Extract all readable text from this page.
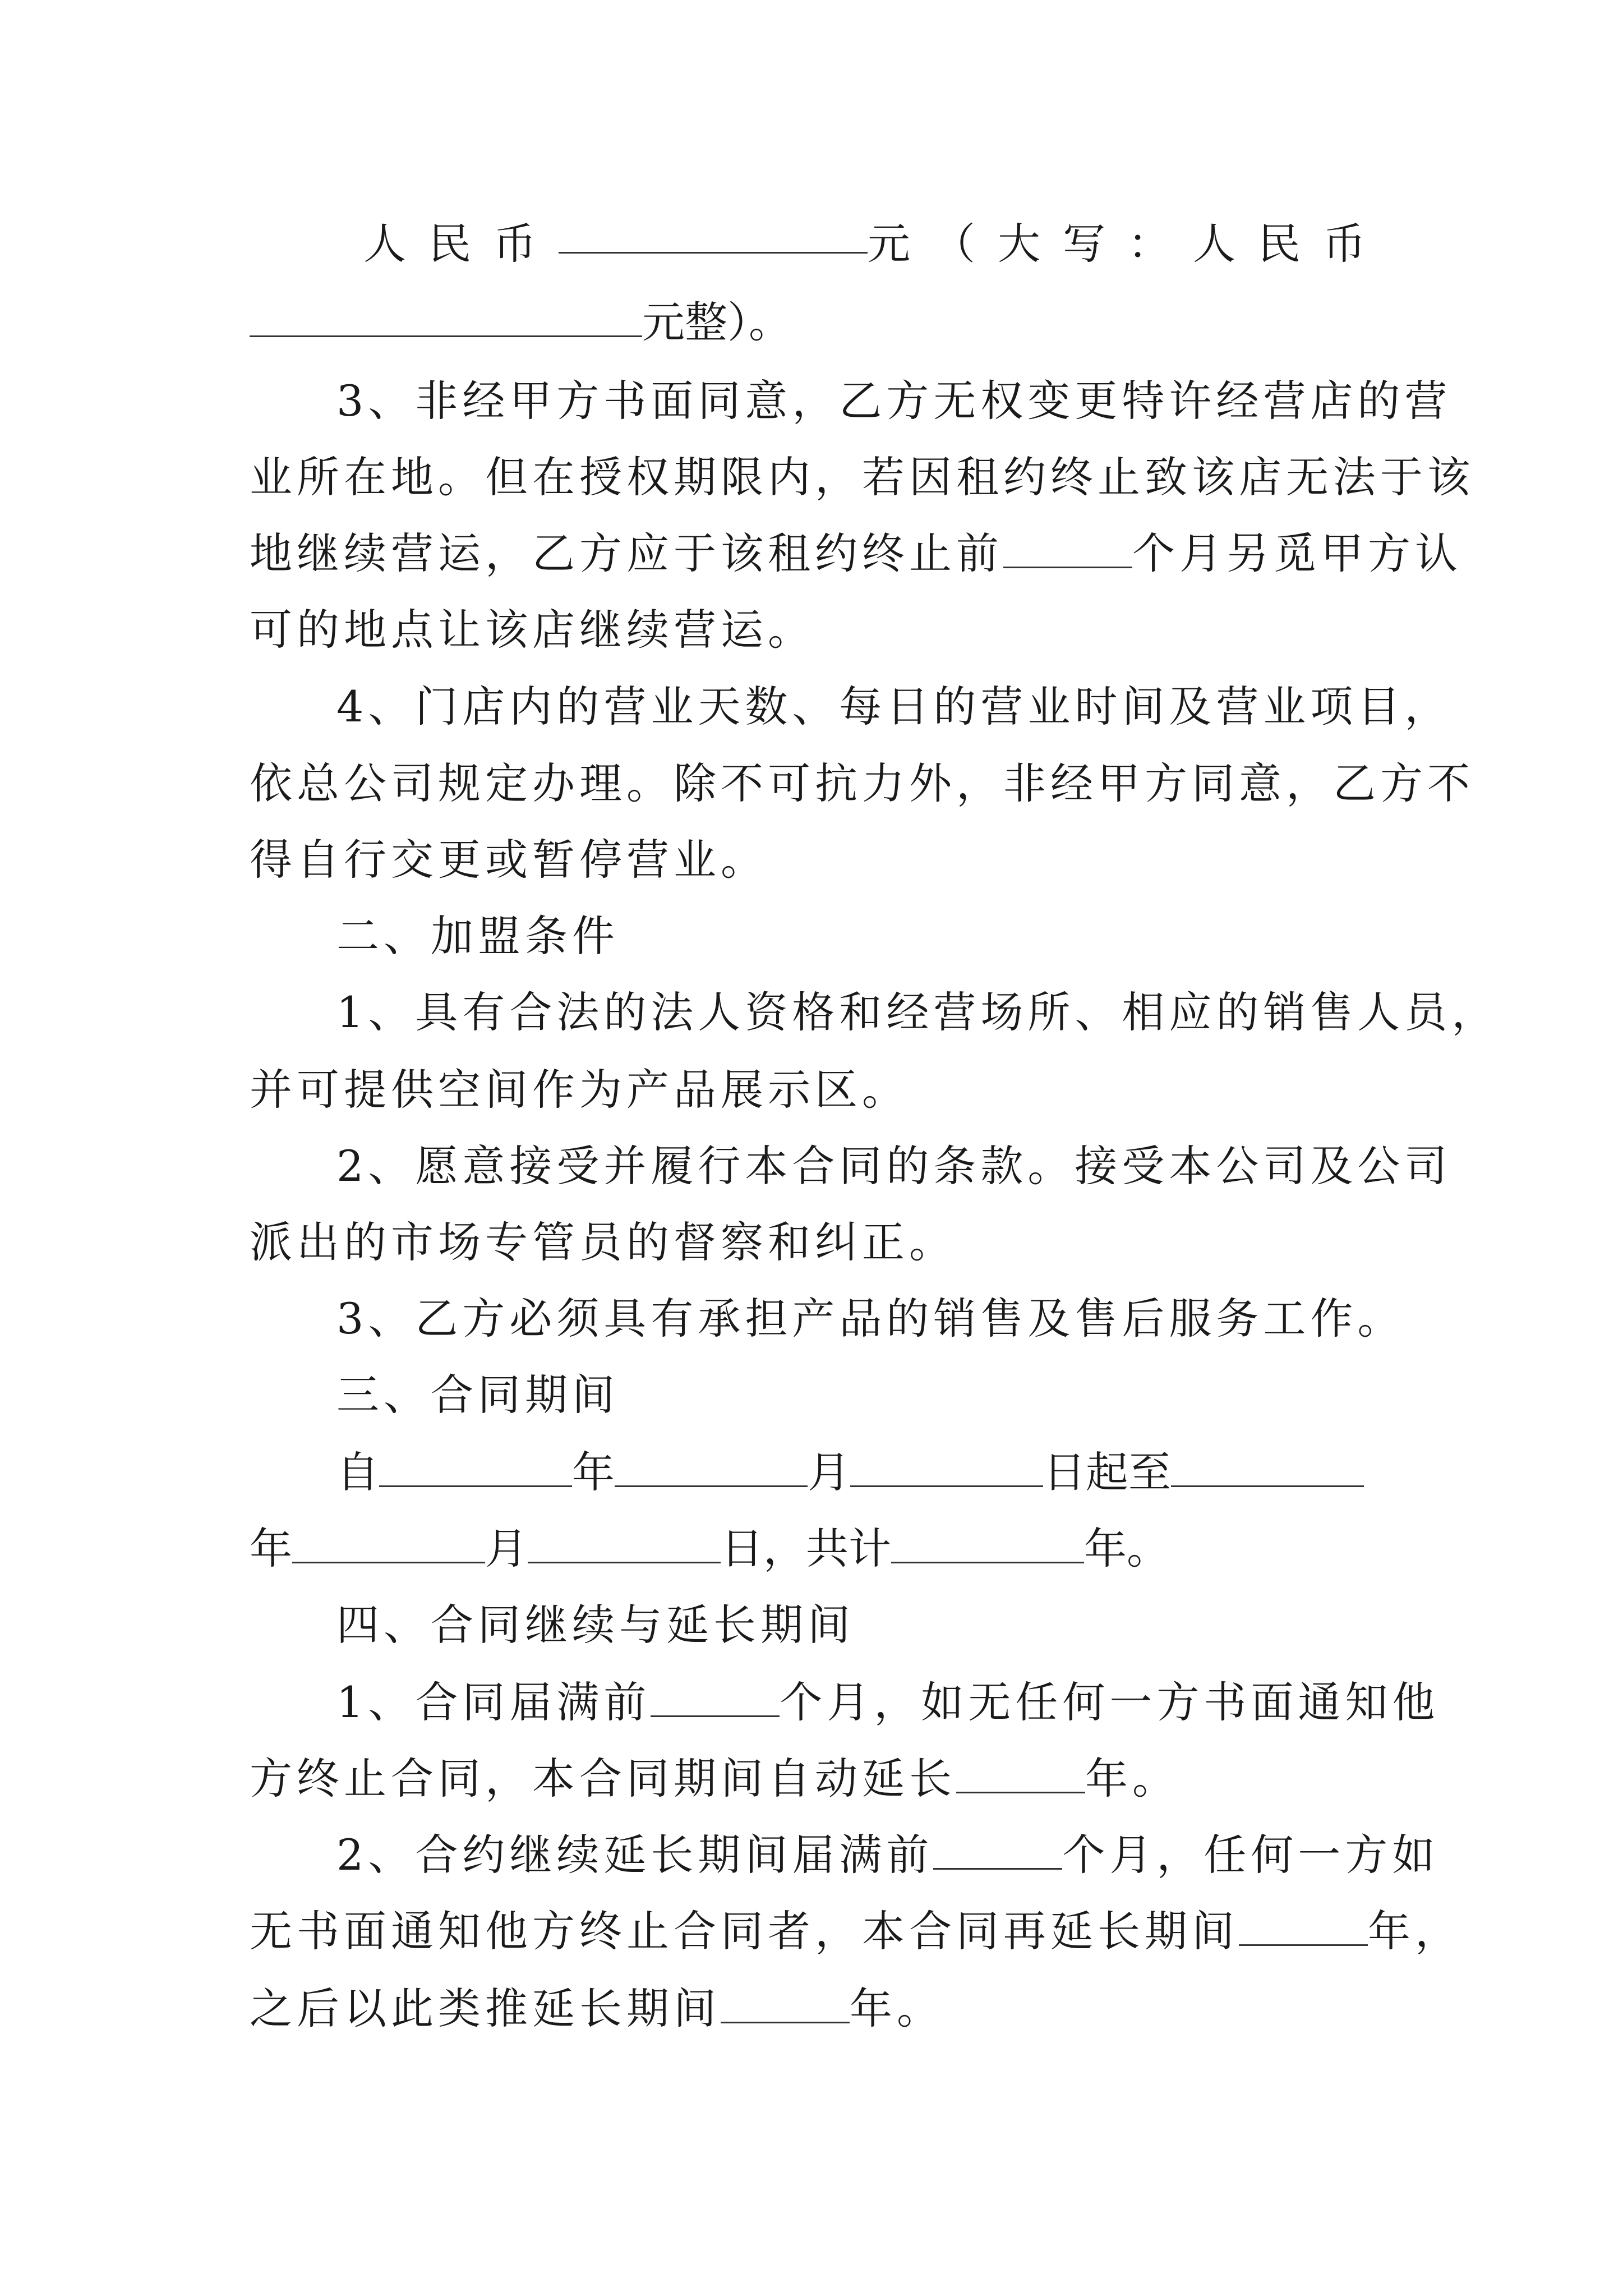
人民币	元（大写：人民币
元整）。
3、非经甲方书面同意，乙方无权变更特许经营店的营
业所在地。但在授权期限内，若因租约终止致该店无法于该
地继续营运，乙方应于该租约终止前	个月另觅甲方认
可的地点让该店继续营运。
4、门店内的营业天数、每日的营业时间及营业项目，
依总公司规定办理。除不可抗力外，非经甲方同意，乙方不
得自行交更或暂停营业。
二、加盟条件
1、具有合法的法人资格和经营场所、相应的销售人员，
并可提供空间作为产品展示区。
2、愿意接受并履行本合同的条款。接受本公司及公司
派出的市场专管员的督察和纠正。
3、乙方必须具有承担产品的销售及售后服务工作。
三、合同期间
自	年	月	日起至
年	月	日，共计	年。
四、合同继续与延长期间
1、合同届满前	个月，如无任何一方书面通知他
方终止合同，本合同期间自动延长	年。
2、合约继续延长期间届满前	个月，任何一方如
无书面通知他方终止合同者，本合同再延长期间	年，
之后以此类推延长期间	年。
